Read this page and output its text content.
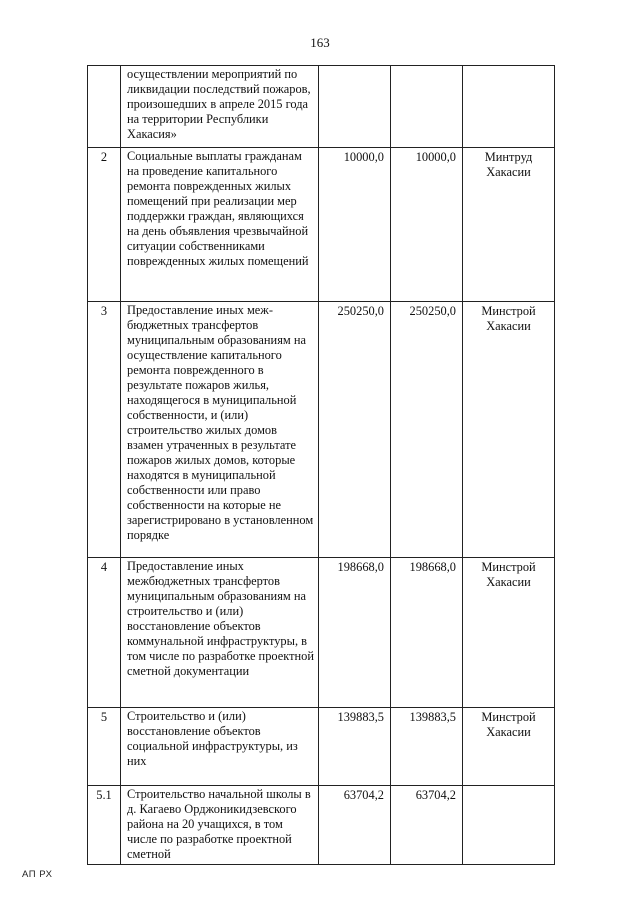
163
	осуществлении мероприятий по ликвидации последствий пожаров, произошедших в апреле 2015 года на территории Республики Хакасия»			
2	Социальные выплаты гражданам на проведение капитального ремонта поврежденных жилых помещений при реализации мер поддержки граждан, являющихся на день объявления чрезвычайной ситуации собственниками поврежденных жилых помещений	10000,0	10000,0	Минтруд Хакасии
3	Предоставление иных меж-бюджетных трансфертов муниципальным образованиям на осуществление капитального ремонта поврежденного в результате пожаров жилья, находящегося в муниципальной собственности, и (или) строительство жилых домов взамен утраченных в результате пожаров жилых домов, которые находятся в муниципальной собственности или право собственности на которые не зарегистрировано в установленном порядке	250250,0	250250,0	Минстрой Хакасии
4	Предоставление иных межбюджетных трансфертов муниципальным образованиям на строительство и (или) восстановление объектов коммунальной инфраструктуры, в том числе по разработке проектной сметной документации	198668,0	198668,0	Минстрой Хакасии
5	Строительство и (или) восстановление объектов социальной инфраструктуры, из них	139883,5	139883,5	Минстрой Хакасии
5.1	Строительство начальной школы в д. Кагаево Орджоникидзевского района на 20 учащихся, в том числе по разработке проектной сметной	63704,2	63704,2	
АП РХ
